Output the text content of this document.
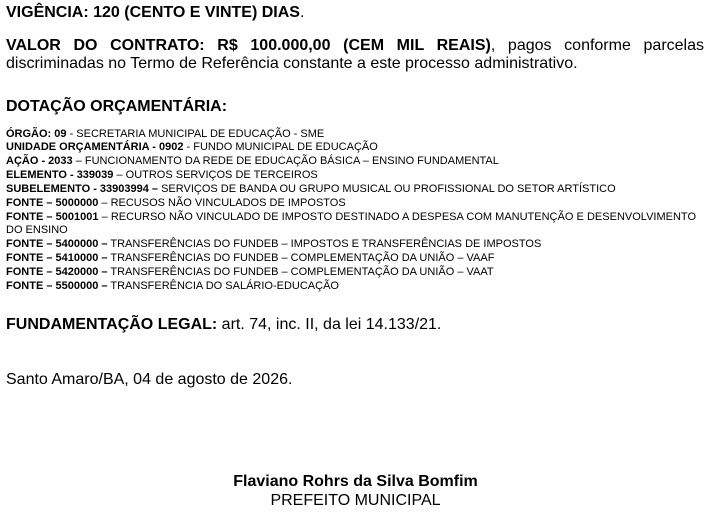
VIGÊNCIA: 120 (CENTO E VINTE) DIAS.
VALOR DO CONTRATO: R$ 100.000,00 (CEM MIL REAIS), pagos conforme parcelas discriminadas no Termo de Referência constante a este processo administrativo.
DOTAÇÃO ORÇAMENTÁRIA:
ÓRGÃO: 09 - SECRETARIA MUNICIPAL DE EDUCAÇÃO - SME
UNIDADE ORÇAMENTÁRIA - 0902 - FUNDO MUNICIPAL DE EDUCAÇÃO
AÇÃO - 2033 – FUNCIONAMENTO DA REDE DE EDUCAÇÃO BÁSICA – ENSINO FUNDAMENTAL
ELEMENTO - 339039 – OUTROS SERVIÇOS DE TERCEIROS
SUBELEMENTO - 33903994 – SERVIÇOS DE BANDA OU GRUPO MUSICAL OU PROFISSIONAL DO SETOR ARTÍSTICO
FONTE – 5000000 – RECUSOS NÃO VINCULADOS DE IMPOSTOS
FONTE – 5001001 – RECURSO NÃO VINCULADO DE IMPOSTO DESTINADO A DESPESA COM MANUTENÇÃO E DESENVOLVIMENTO DO ENSINO
FONTE – 5400000 – TRANSFERÊNCIAS DO FUNDEB – IMPOSTOS E TRANSFERÊNCIAS DE IMPOSTOS
FONTE – 5410000 – TRANSFERÊNCIAS DO FUNDEB – COMPLEMENTAÇÃO DA UNIÃO – VAAF
FONTE – 5420000 – TRANSFERÊNCIAS DO FUNDEB – COMPLEMENTAÇÃO DA UNIÃO – VAAT
FONTE – 5500000 – TRANSFERÊNCIA DO SALÁRIO-EDUCAÇÃO
FUNDAMENTAÇÃO LEGAL: art. 74, inc. II, da lei 14.133/21.
Santo Amaro/BA, 04 de agosto de 2026.
Flaviano Rohrs da Silva Bomfim
PREFEITO MUNICIPAL
